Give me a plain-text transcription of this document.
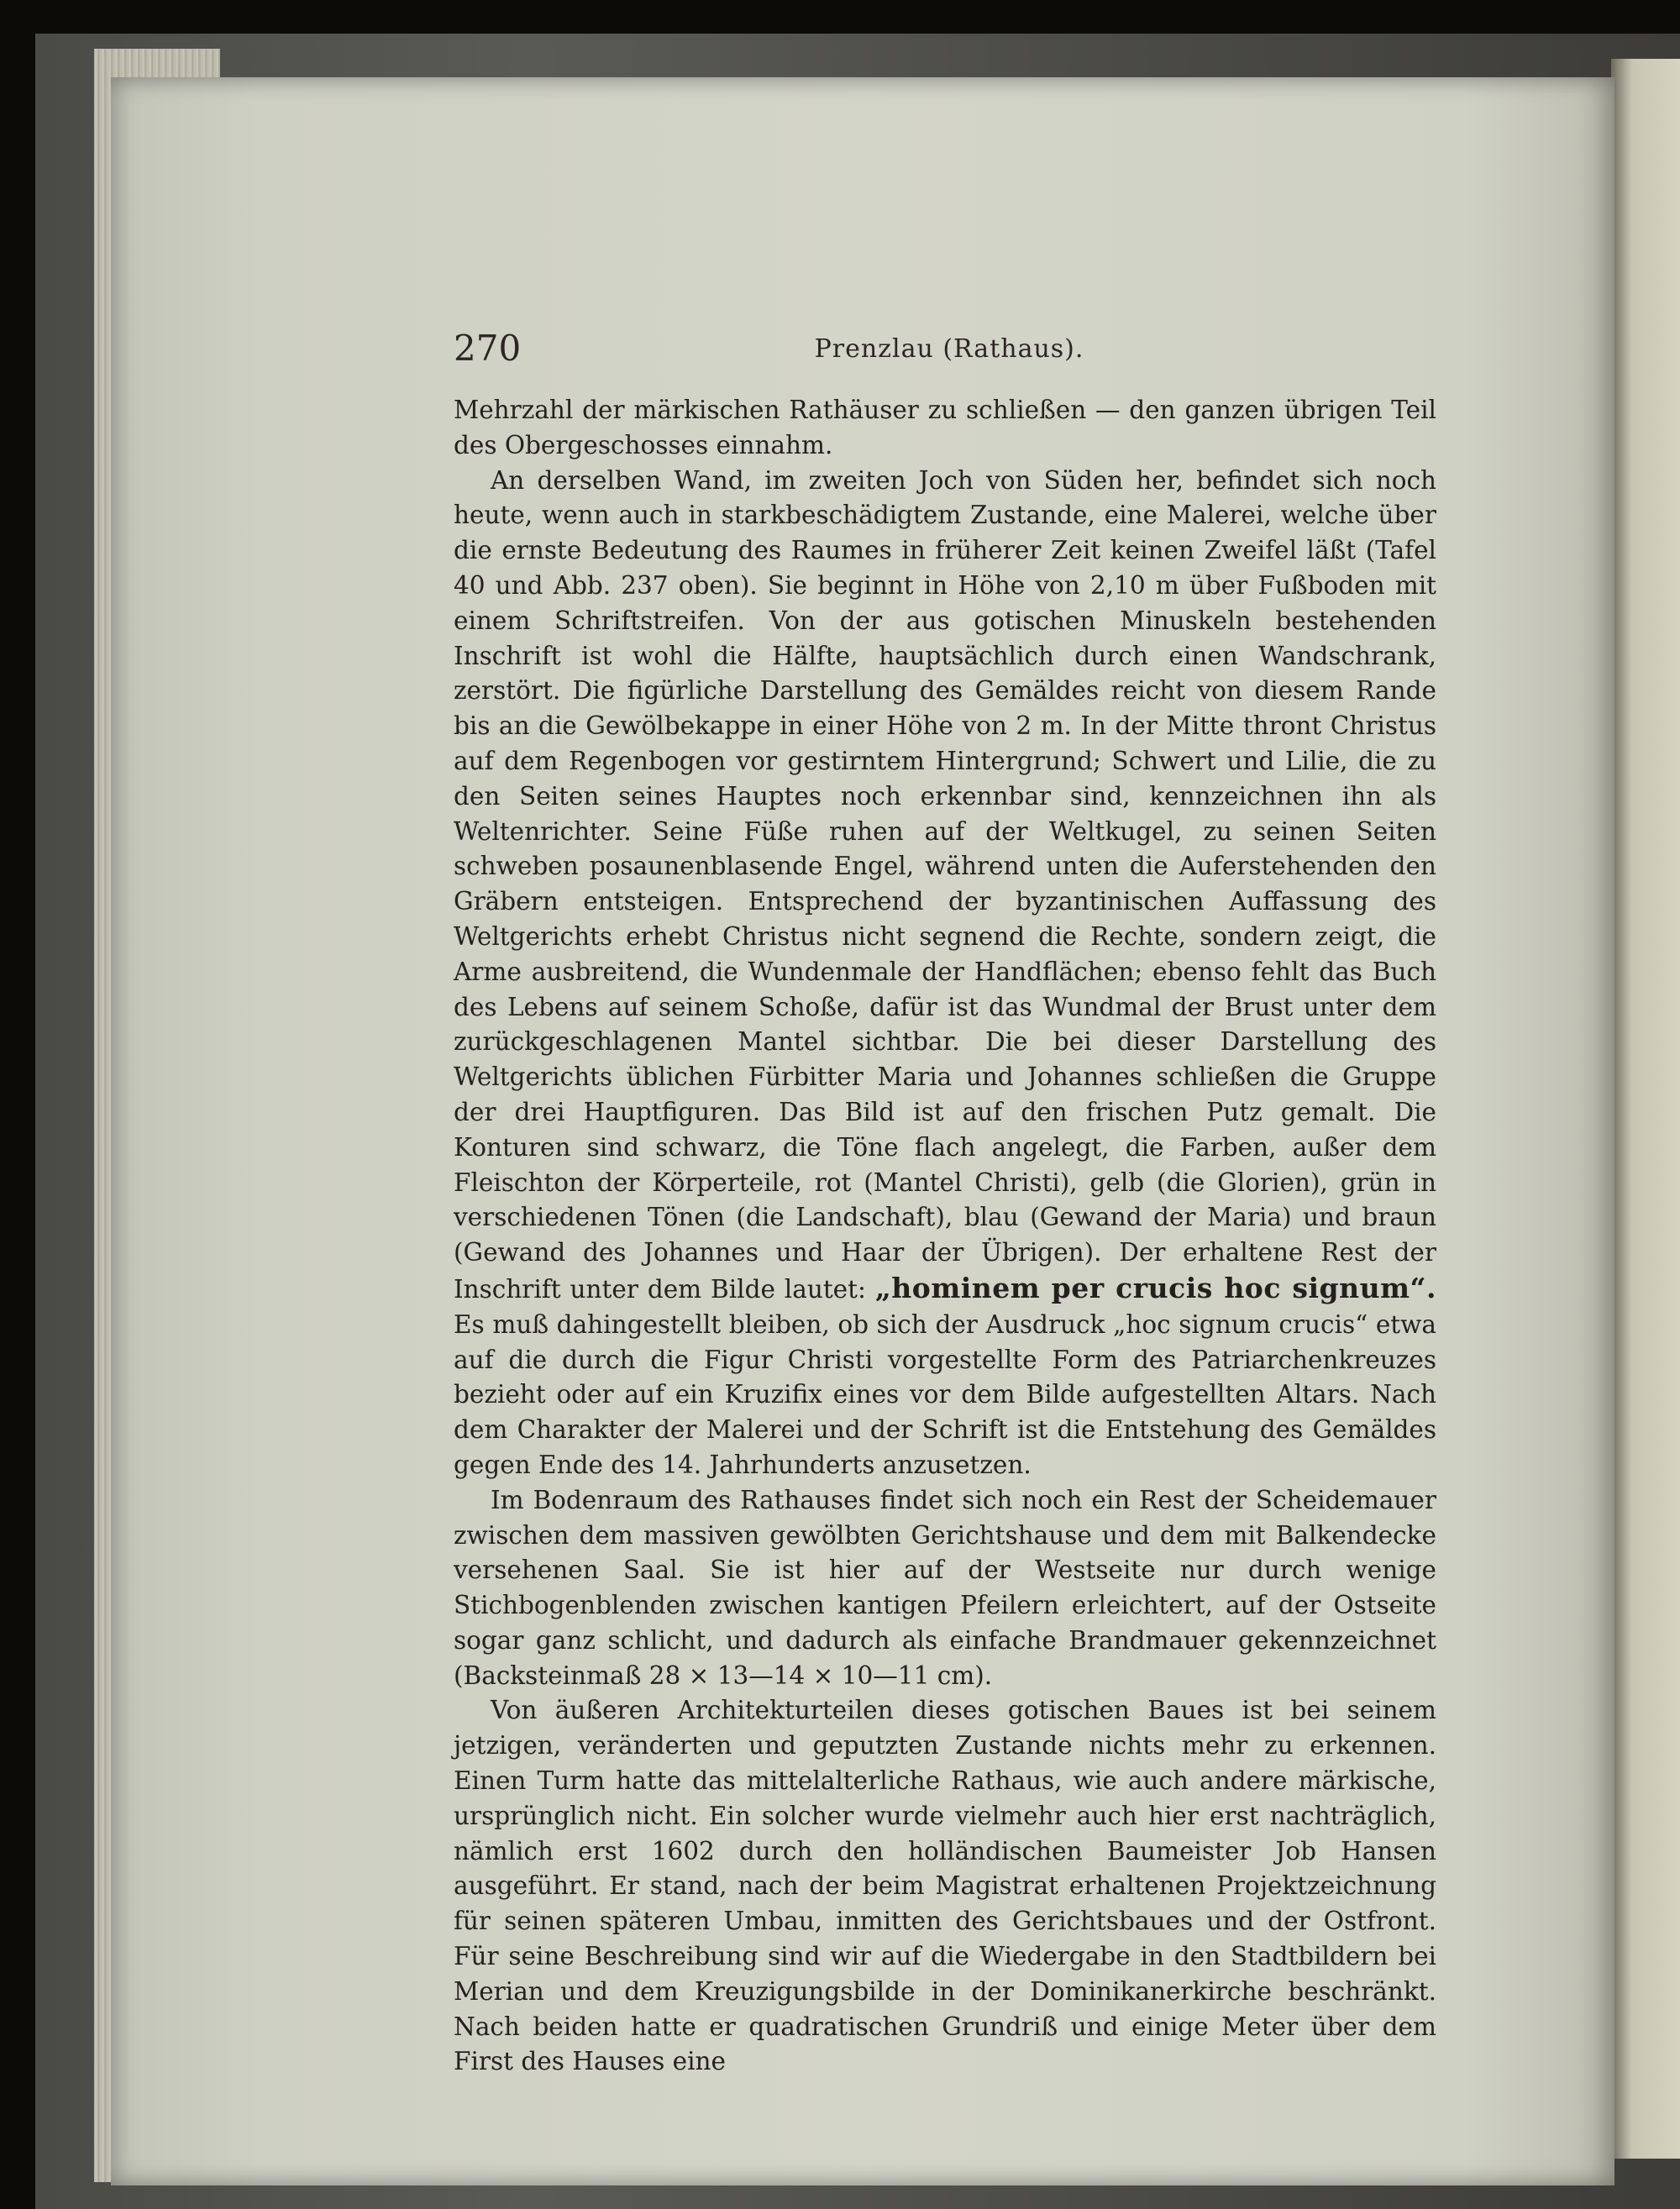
270	Prenzlau (Rathaus).

Mehrzahl der märkischen Rathäuser zu schließen — den ganzen übrigen Teil des Obergeschosses einnahm.

An derselben Wand, im zweiten Joch von Süden her, befindet sich noch heute, wenn auch in starkbeschädigtem Zustande, eine Malerei, welche über die ernste Bedeutung des Raumes in früherer Zeit keinen Zweifel läßt (Tafel 40 und Abb. 237 oben). Sie beginnt in Höhe von 2,10 m über Fußboden mit einem Schriftstreifen. Von der aus gotischen Minuskeln bestehenden Inschrift ist wohl die Hälfte, hauptsächlich durch einen Wandschrank, zerstört. Die figürliche Darstellung des Gemäldes reicht von diesem Rande bis an die Gewölbekappe in einer Höhe von 2 m. In der Mitte thront Christus auf dem Regenbogen vor gestirntem Hintergrund; Schwert und Lilie, die zu den Seiten seines Hauptes noch erkennbar sind, kennzeichnen ihn als Weltenrichter. Seine Füße ruhen auf der Weltkugel, zu seinen Seiten schweben posaunenblasende Engel, während unten die Auferstehenden den Gräbern entsteigen. Entsprechend der byzantinischen Auffassung des Weltgerichts erhebt Christus nicht segnend die Rechte, sondern zeigt, die Arme ausbreitend, die Wundenmale der Handflächen; ebenso fehlt das Buch des Lebens auf seinem Schoße, dafür ist das Wundmal der Brust unter dem zurückgeschlagenen Mantel sichtbar. Die bei dieser Darstellung des Weltgerichts üblichen Fürbitter Maria und Johannes schließen die Gruppe der drei Hauptfiguren. Das Bild ist auf den frischen Putz gemalt. Die Konturen sind schwarz, die Töne flach angelegt, die Farben, außer dem Fleischton der Körperteile, rot (Mantel Christi), gelb (die Glorien), grün in verschiedenen Tönen (die Landschaft), blau (Gewand der Maria) und braun (Gewand des Johannes und Haar der Übrigen). Der erhaltene Rest der Inschrift unter dem Bilde lautet: „hominem per crucis hoc signum“. Es muß dahingestellt bleiben, ob sich der Ausdruck „hoc signum crucis“ etwa auf die durch die Figur Christi vorgestellte Form des Patriarchenkreuzes bezieht oder auf ein Kruzifix eines vor dem Bilde aufgestellten Altars. Nach dem Charakter der Malerei und der Schrift ist die Entstehung des Gemäldes gegen Ende des 14. Jahrhunderts anzusetzen.

Im Bodenraum des Rathauses findet sich noch ein Rest der Scheidemauer zwischen dem massiven gewölbten Gerichtshause und dem mit Balkendecke versehenen Saal. Sie ist hier auf der Westseite nur durch wenige Stichbogenblenden zwischen kantigen Pfeilern erleichtert, auf der Ostseite sogar ganz schlicht, und dadurch als einfache Brandmauer gekennzeichnet (Backsteinmaß 28 × 13—14 × 10—11 cm).

Von äußeren Architekturteilen dieses gotischen Baues ist bei seinem jetzigen, veränderten und geputzten Zustande nichts mehr zu erkennen. Einen Turm hatte das mittelalterliche Rathaus, wie auch andere märkische, ursprünglich nicht. Ein solcher wurde vielmehr auch hier erst nachträglich, nämlich erst 1602 durch den holländischen Baumeister Job Hansen ausgeführt. Er stand, nach der beim Magistrat erhaltenen Projektzeichnung für seinen späteren Umbau, inmitten des Gerichtsbaues und der Ostfront. Für seine Beschreibung sind wir auf die Wiedergabe in den Stadtbildern bei Merian und dem Kreuzigungsbilde in der Dominikanerkirche beschränkt. Nach beiden hatte er quadratischen Grundriß und einige Meter über dem First des Hauses eine
